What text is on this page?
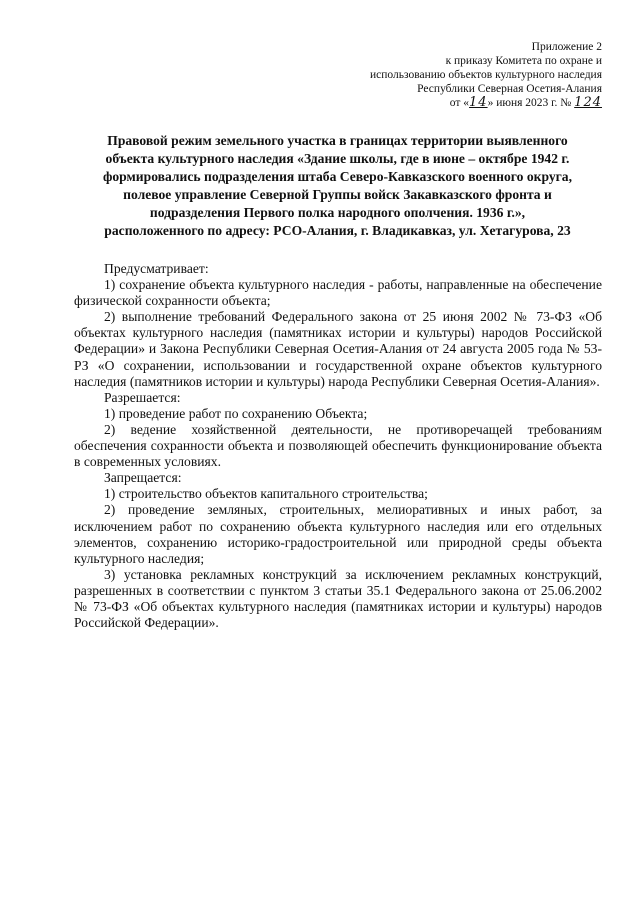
Приложение 2
к приказу Комитета по охране и
использованию объектов культурного наследия
Республики Северная Осетия-Алания
от «14» июня 2023 г. № 124
Правовой режим земельного участка в границах территории выявленного
объекта культурного наследия «Здание школы, где в июне – октябре 1942 г.
формировались подразделения штаба Северо-Кавказского военного округа,
полевое управление Северной Группы войск Закавказского фронта и
подразделения Первого полка народного ополчения. 1936 г.»,
расположенного по адресу: РСО-Алания, г. Владикавказ, ул. Хетагурова, 23

Предусматривает:

1) сохранение объекта культурного наследия - работы, направленные на обеспечение физической сохранности объекта;

2) выполнение требований Федерального закона от 25 июня 2002 № 73-ФЗ «Об объектах культурного наследия (памятниках истории и культуры) народов Российской Федерации» и Закона Республики Северная Осетия-Алания от 24 августа 2005 года № 53-РЗ «О сохранении, использовании и государственной охране объектов культурного наследия (памятников истории и культуры) народа Республики Северная Осетия-Алания».

Разрешается:

1) проведение работ по сохранению Объекта;

2) ведение хозяйственной деятельности, не противоречащей требованиям обеспечения сохранности объекта и позволяющей обеспечить функционирование объекта в современных условиях.

Запрещается:

1) строительство объектов капитального строительства;

2) проведение земляных, строительных, мелиоративных и иных работ, за исключением работ по сохранению объекта культурного наследия или его отдельных элементов, сохранению историко-градостроительной или природной среды объекта культурного наследия;

3) установка рекламных конструкций за исключением рекламных конструкций, разрешенных в соответствии с пунктом 3 статьи 35.1 Федерального закона от 25.06.2002 № 73-ФЗ «Об объектах культурного наследия (памятниках истории и культуры) народов Российской Федерации».
